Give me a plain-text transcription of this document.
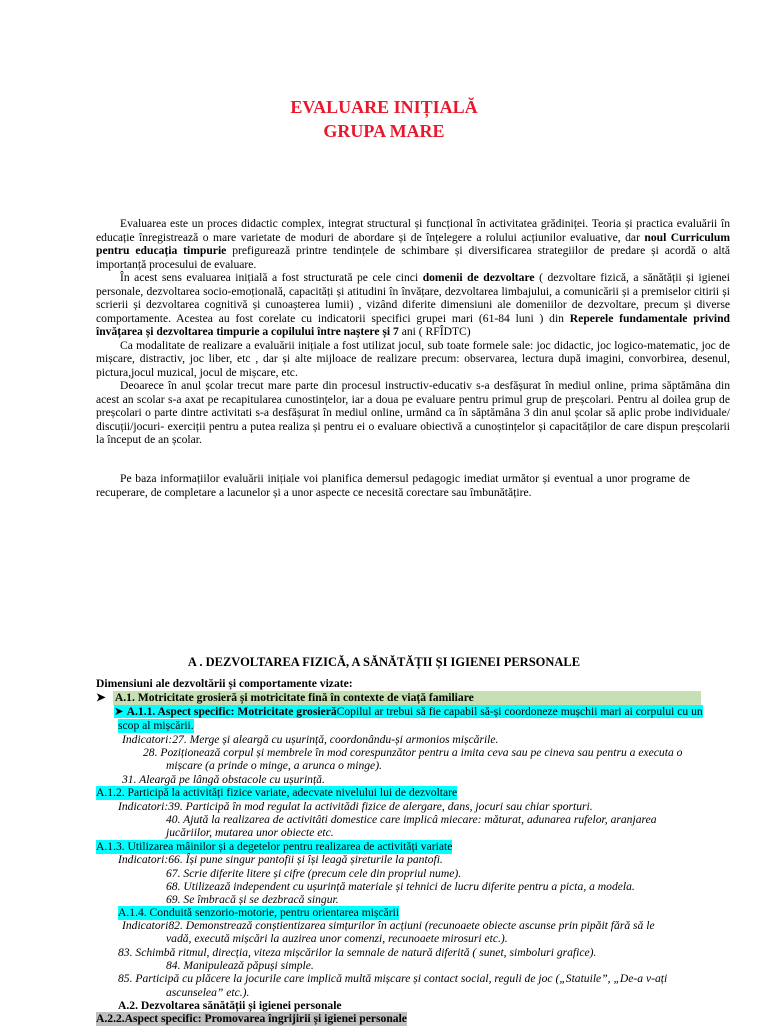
EVALUARE INIȚIALĂ
GRUPA MARE

Evaluarea este un proces didactic complex, integrat structural și funcțional în activitatea grădiniței. Teoria și practica evaluării în educație înregistrează o mare varietate de moduri de abordare și de înțelegere a rolului acțiunilor evaluative, dar noul Curriculum pentru educația timpurie prefigurează printre tendințele de schimbare și diversificarea strategiilor de predare și acordă o altă importanță procesului de evaluare.

În acest sens evaluarea inițială a fost structurată pe cele cinci domenii de dezvoltare ( dezvoltare fizică, a sănătății și igienei personale, dezvoltarea socio-emoțională, capacități și atitudini în învățare, dezvoltarea limbajului, a comunicării și a premiselor citirii și scrierii și dezvoltarea cognitivă și cunoașterea lumii) , vizând diferite dimensiuni ale domeniilor de dezvoltare, precum și diverse comportamente. Acestea au fost corelate cu indicatorii specifici grupei mari (61-84 luni ) din Reperele fundamentale privind învățarea și dezvoltarea timpurie a copilului între naștere și 7 ani ( RFÎDTC)

Ca modalitate de realizare a evaluării inițiale a fost utilizat jocul, sub toate formele sale: joc didactic, joc logico-matematic, joc de mișcare, distractiv, joc liber, etc , dar și alte mijloace de realizare precum: observarea, lectura după imagini, convorbirea, desenul, pictura,jocul muzical, jocul de mișcare, etc.

Deoarece în anul școlar trecut mare parte din procesul instructiv-educativ s-a desfășurat în mediul online, prima săptămâna din acest an scolar s-a axat pe recapitularea cunostințelor, iar a doua pe evaluare pentru primul grup de preșcolari. Pentru al doilea grup de preșcolari o parte dintre activitati s-a desfășurat în mediul online, urmând ca în săptămâna 3 din anul școlar să aplic probe individuale/ discuții/jocuri- exerciții pentru a putea realiza și pentru ei o evaluare obiectivă a cunoștințelor și capacităților de care dispun preșcolarii la început de an școlar.

Pe baza informațiilor evaluării inițiale voi planifica demersul pedagogic imediat următor și eventual a unor programe de recuperare, de completare a lacunelor și a unor aspecte ce necesită corectare sau îmbunătățire.

A . DEZVOLTAREA FIZICĂ, A SĂNĂTĂȚII ȘI IGIENEI PERSONALE
Dimensiuni ale dezvoltării și comportamente vizate:
➤ A.1. Motricitate grosieră și motricitate fină în contexte de viață familiare
➤ A.1.1. Aspect specific: Motricitate grosierăCopilul ar trebui să fie capabil să-și coordoneze mușchii mari ai corpului cu un
scop al mișcării.
Indicatori:27. Merge și aleargă cu ușurință, coordonându-și armonios mișcările.
28. Poziționează corpul și membrele în mod corespunzător pentru a imita ceva sau pe cineva sau pentru a executa o
mișcare (a prinde o minge, a arunca o minge).
31. Aleargă pe lângă obstacole cu ușurință.
A.1.2. Participă la activități fizice variate, adecvate nivelului lui de dezvoltare
Indicatori:39. Participă în mod regulat la activitădi fizice de alergare, dans, jocuri sau chiar sporturi.
40. Ajută la realizarea de activitâti domestice care implicâ miecare: măturat, adunarea rufelor, aranjarea
jucăriilor, mutarea unor obiecte etc.
A.1.3. Utilizarea mâinilor și a degetelor pentru realizarea de activități variate
Indicatori:66. Își pune singur pantofii și își leagă șireturile la pantofi.
67. Scrie diferite litere și cifre (precum cele din propriul nume).
68. Utilizează independent cu ușurință materiale și tehnici de lucru diferite pentru a picta, a modela.
69. Se îmbracă și se dezbracă singur.
A.1.4. Conduită senzorio-motorie, pentru orientarea mișcării
Indicatori82. Demonstrează conștientizarea simțurilor în acțiuni (recunoaete obiecte ascunse prin pipăit fără să le
vadă, execută mișcări la auzirea unor comenzi, recunoaete mirosuri etc.).
83. Schimbă ritmul, direcția, viteza mișcărilor la semnale de natură diferită ( sunet, simboluri grafice).
84. Manipulează păpuși simple.
85. Participă cu plăcere la jocurile care implică multă mișcare și contact social, reguli de joc („Statuile”, „De-a v-ați
ascunselea” etc.).
A.2. Dezvoltarea sănătății și igienei personale
A.2.2.Aspect specific: Promovarea îngrijirii și igienei personale
